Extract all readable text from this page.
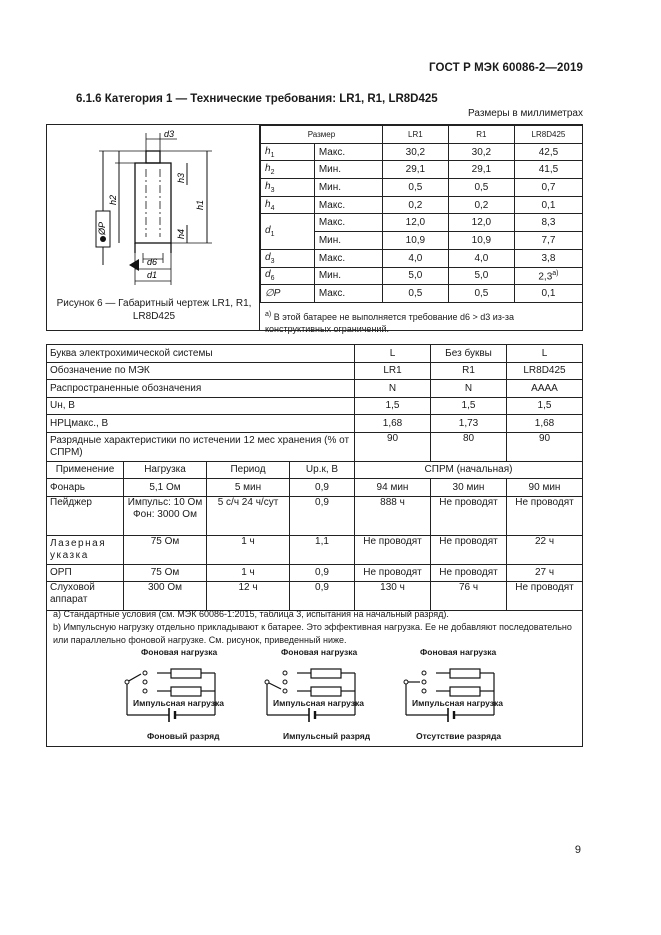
ГОСТ Р МЭК 60086-2—2019
6.1.6 Категория 1 — Технические требования: LR1, R1, LR8D425
Размеры в миллиметрах
ØP
h2	h1
h3
h4
d3
d6
d1
Рисунок 6 — Габаритный чертеж LR1, R1, LR8D425
Размер		LR1	R1	LR8D425
$h_1$	Макс.	30,2	30,2	42,5
$h_2$	Мин.	29,1	29,1	41,5
$h_3$	Мин.	0,5	0,5	0,7
$h_4$	Макс.	0,2	0,2	0,1
$d_1$	Макс.	12,0	12,0	8,3
	Мин.	10,9	10,9	7,7
$d_3$	Макс.	4,0	4,0	3,8
$d_6$	Мин.	5,0	5,0	2,3$^{a)}$
∅P	Макс.	0,5	0,5	0,1
$^{a)}$ В этой батарее не выполняется требование d6 > d3 из-за конструктивных ограничений.
Буква электрохимической системы				L	Без буквы	L
Обозначение по МЭК				LR1	R1	LR8D425
Распространенные обозначения				N	N	AAAA
Uн, В				1,5	1,5	1,5
НРЦмакс., В				1,68	1,73	1,68
Разрядные характеристики по истечении 12 мес хранения (% от СПРМ)				90	80	90
Применение	Нагрузка	Период	Uр.к, В	СПРМ (начальная)		
Фонарь	5,1 Ом	5 мин	0,9	94 мин	30 мин	90 мин
Пейджер	Импульс: 10 Ом Фон: 3000 Ом	5 с/ч 24 ч/сут	0,9	888 ч	Не проводят	Не проводят
Лазерная указка	75 Ом	1 ч	1,1	Не проводят	Не проводят	22 ч
ОРП	75 Ом	1 ч	0,9	Не проводят	Не проводят	27 ч
Слуховой аппарат	300 Ом	12 ч	0,9	130 ч	76 ч	Не проводят

a) Стандартные условия (см. МЭК 60086-1:2015, таблица 3, испытания на начальный разряд).

b) Импульсную нагрузку отдельно прикладывают к батарее. Это эффективная нагрузка. Ее не добавляют последовательно или параллельно фоновой нагрузке. См. рисунок, приведенный ниже.

Фоновая нагрузка
Импульсная нагрузка
Фоновый разряд
Фоновая нагрузка
Импульсная нагрузка
Импульсный разряд
Фоновая нагрузка
Импульсная нагрузка
Отсутствие разряда
9
